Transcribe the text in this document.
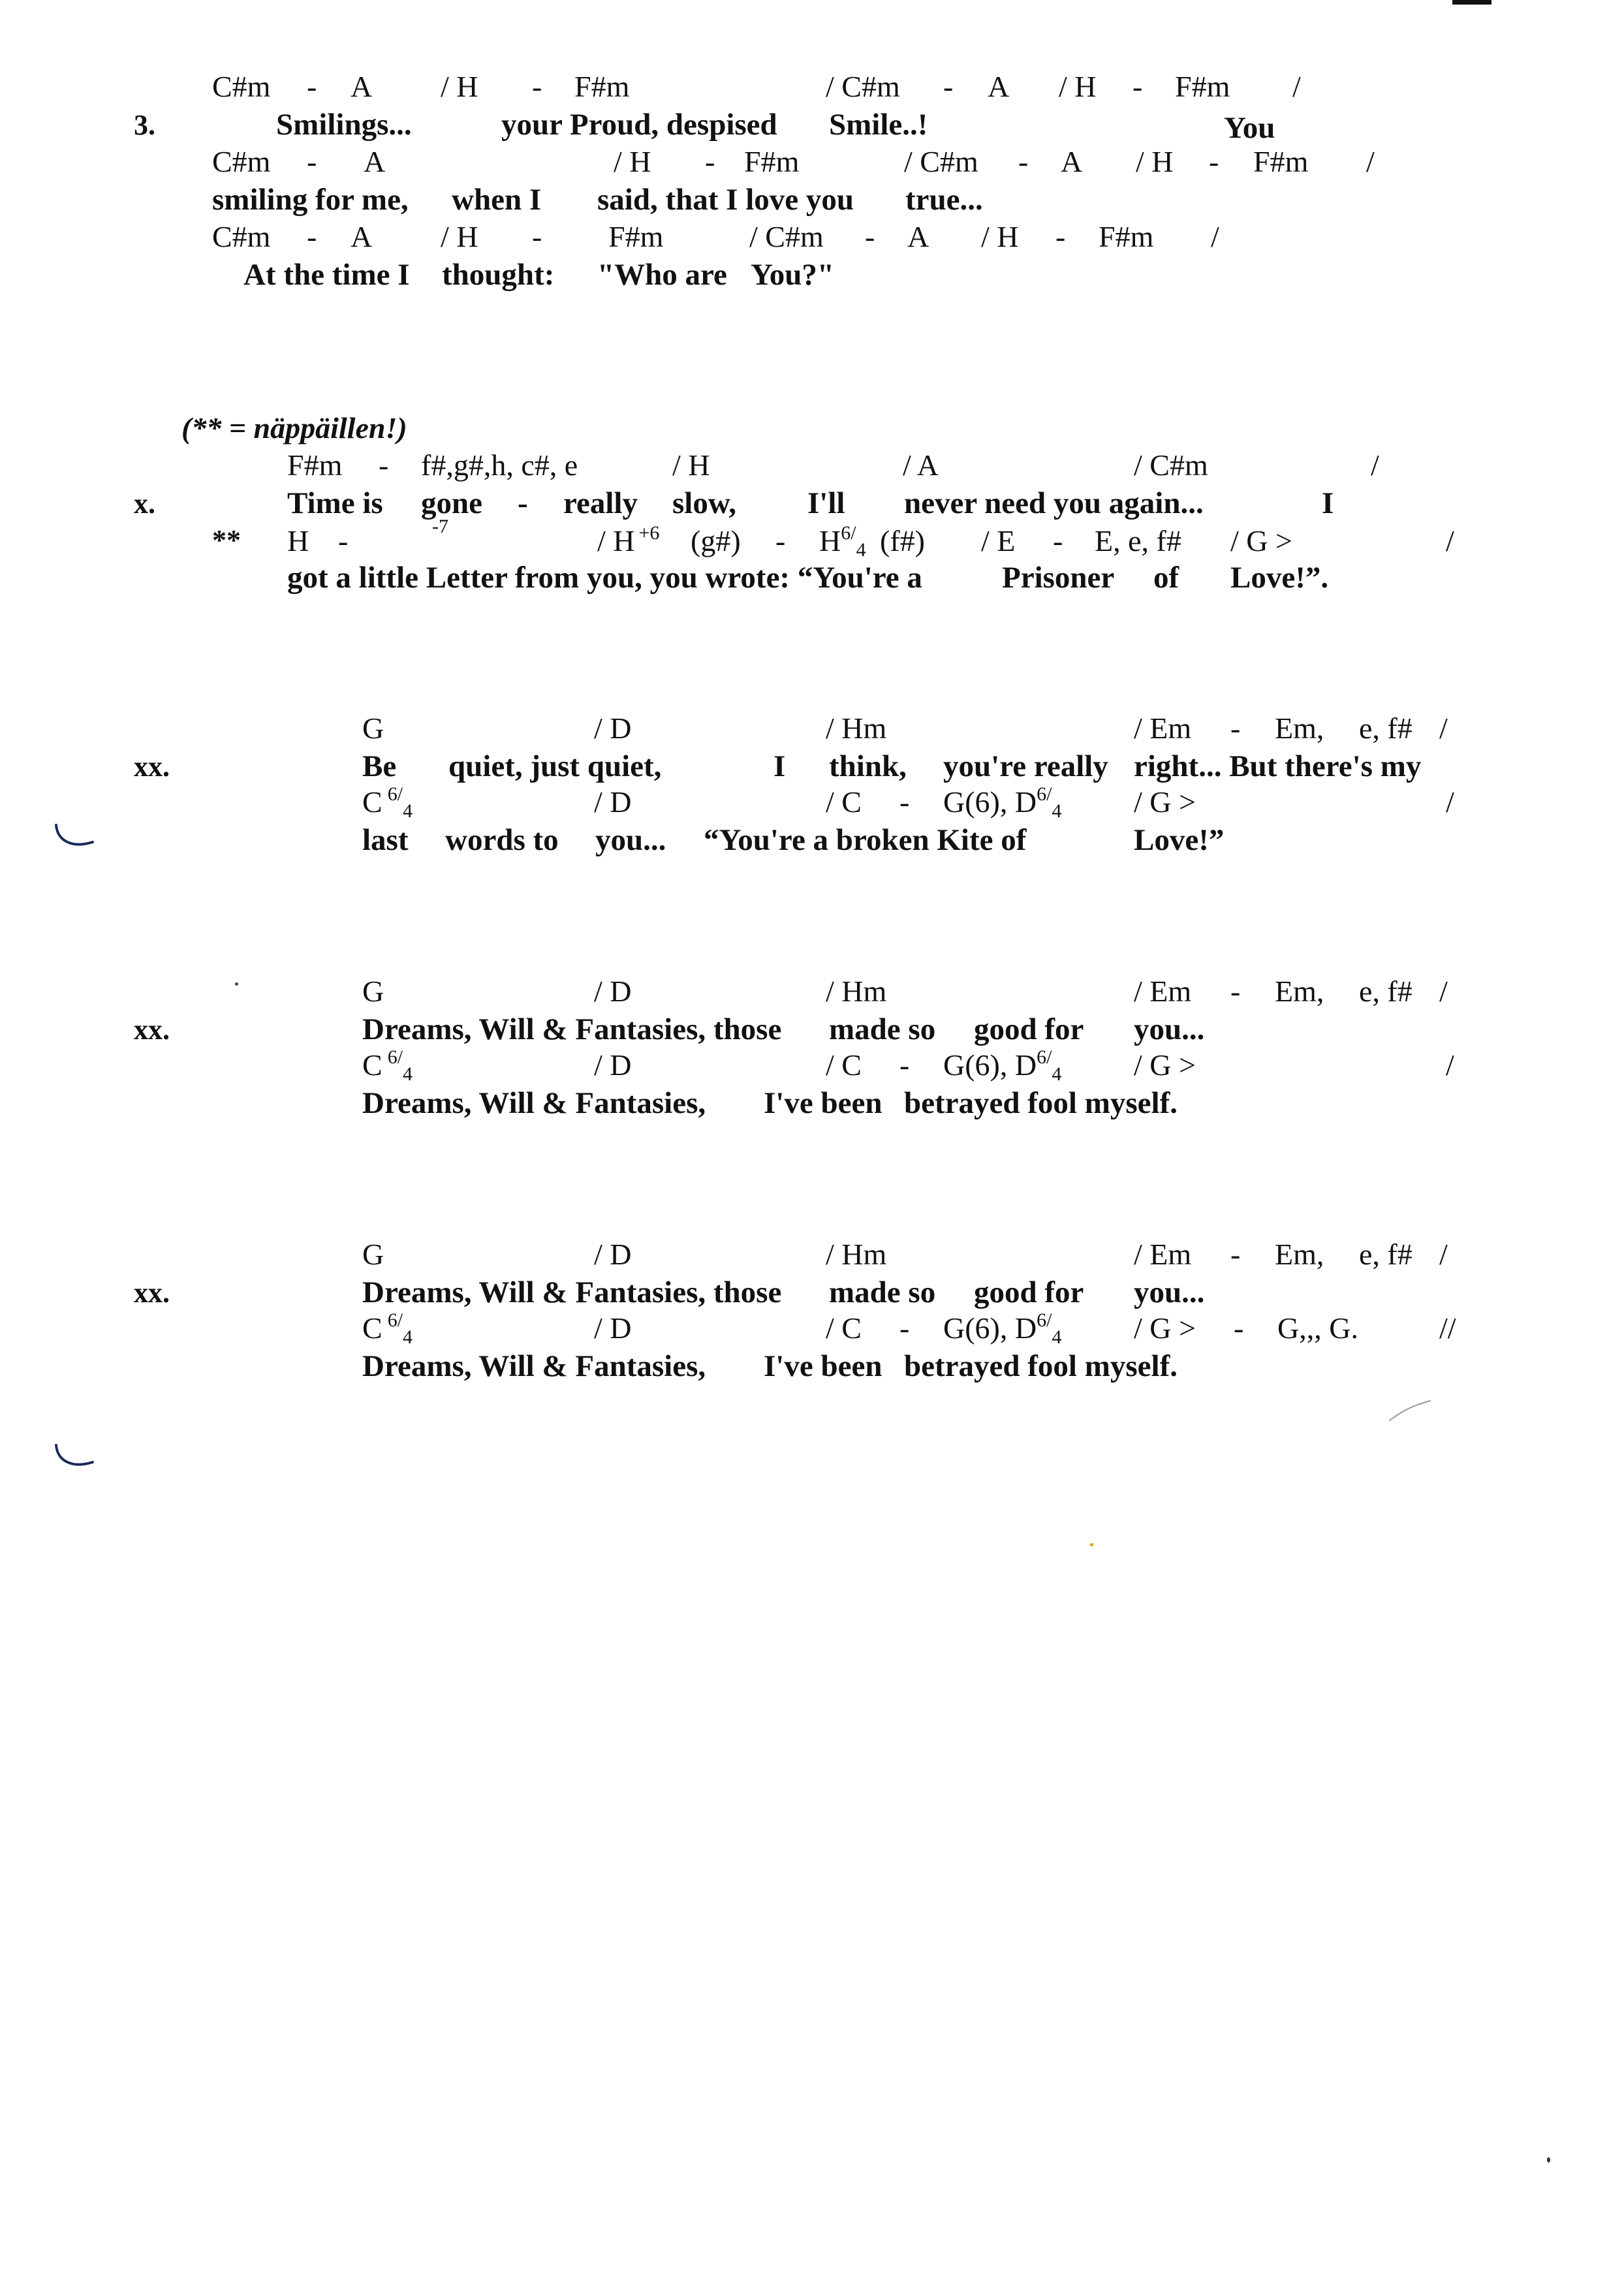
C#m - A / H - F#m	/ C#m - A / H - F#m /
3.	Smilings...	your Proud, despised Smile..!	You
C#m - A	/ H - F#m	/ C#m - A / H - F#m /
smiling for me, when I said, that I love you true...
C#m - A / H - F#m	/ C#m - A / H - F#m /
At the time I thought: "Who are You?"
(** = näppäillen!)
F#m - f#,g#,h, c#, e	/ H	/ A	/ C#m	/
x.	Time is gone - really slow, I'll never need you again...	I
** H -	-7	/ H $^{+6}$ (g#) - $H^{6/}4$ (f#) / E - E, e, f# / G >	/
got a little Letter from you, you wrote: “You're a	Prisoner of Love!”.
G	/ D	/ Hm	/ Em - Em, e, f# /
xx.	Be quiet, just quiet,	I think, you're really right... But there's my
C $^{6/}$4	/ D	/ C - G(6), $D^{6/}4$ / G >	/
last words to you... “You're a broken Kite of	Love!”
G	/ D	/ Hm	/ Em - Em, e, f# /
xx.	Dreams, Will & Fantasies, those made so good for you...
C $^{6/}$4	/ D	/ C - G(6), $D^{6/}4$ / G >	/
Dreams, Will & Fantasies, I've been betrayed fool myself.
G	/ D	/ Hm	/ Em - Em, e, f# /
xx.	Dreams, Will & Fantasies, those made so good for you...
C $^{6/}$4	/ D	/ C - G(6), $D^{6/}4$ / G > - G,,, G.	//
Dreams, Will & Fantasies, I've been betrayed fool myself.
